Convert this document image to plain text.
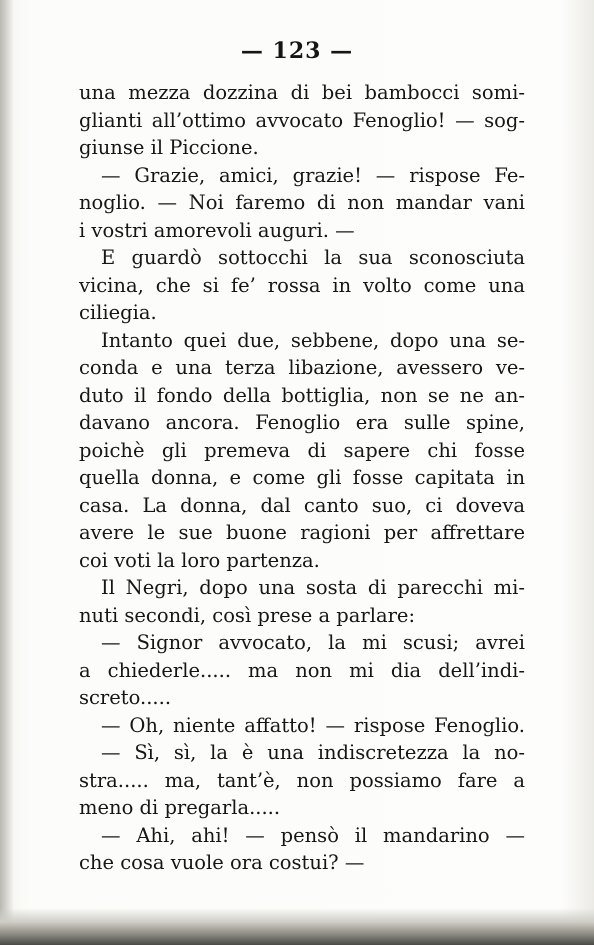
— 123 —
una mezza dozzina di bei bambocci somi-
glianti all’ottimo avvocato Fenoglio! — sog-
giunse il Piccione.
— Grazie, amici, grazie! — rispose Fe-
noglio. — Noi faremo di non mandar vani
i vostri amorevoli auguri. —
E guardò sottocchi la sua sconosciuta
vicina, che si fe’ rossa in volto come una
ciliegia.
Intanto quei due, sebbene, dopo una se-
conda e una terza libazione, avessero ve-
duto il fondo della bottiglia, non se ne an-
davano ancora. Fenoglio era sulle spine,
poichè gli premeva di sapere chi fosse
quella donna, e come gli fosse capitata in
casa. La donna, dal canto suo, ci doveva
avere le sue buone ragioni per affrettare
coi voti la loro partenza.
Il Negri, dopo una sosta di parecchi mi-
nuti secondi, così prese a parlare:
— Signor avvocato, la mi scusi; avrei
a chiederle..... ma non mi dia dell’indi-
screto.....
— Oh, niente affatto! — rispose Fenoglio.
— Sì, sì, la è una indiscretezza la no-
stra..... ma, tant’è, non possiamo fare a
meno di pregarla.....
— Ahi, ahi! — pensò il mandarino —
che cosa vuole ora costui? —
